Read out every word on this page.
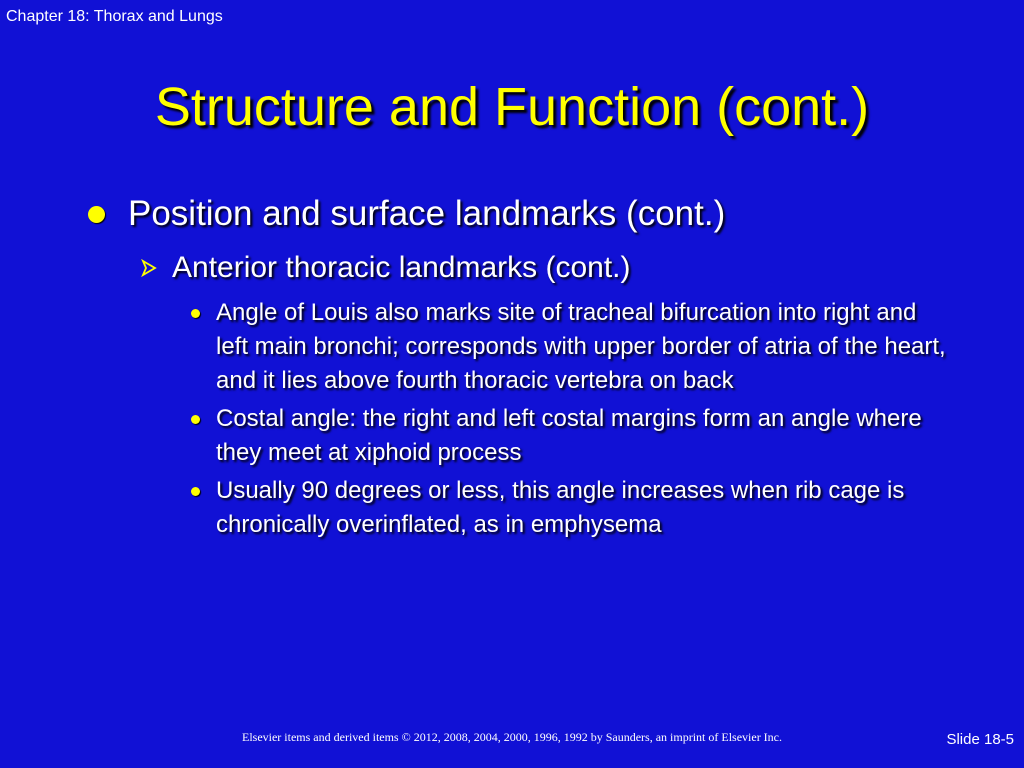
Chapter 18: Thorax and Lungs
Structure and Function (cont.)
Position and surface landmarks (cont.)
Anterior thoracic landmarks (cont.)
Angle of Louis also marks site of tracheal bifurcation into right and left main bronchi; corresponds with upper border of atria of the heart, and it lies above fourth thoracic vertebra on back
Costal angle: the right and left costal margins form an angle where they meet at xiphoid process
Usually 90 degrees or less, this angle increases when rib cage is chronically overinflated, as in emphysema
Elsevier items and derived items © 2012, 2008, 2004, 2000, 1996, 1992 by Saunders, an imprint of Elsevier Inc.	Slide 18-5
